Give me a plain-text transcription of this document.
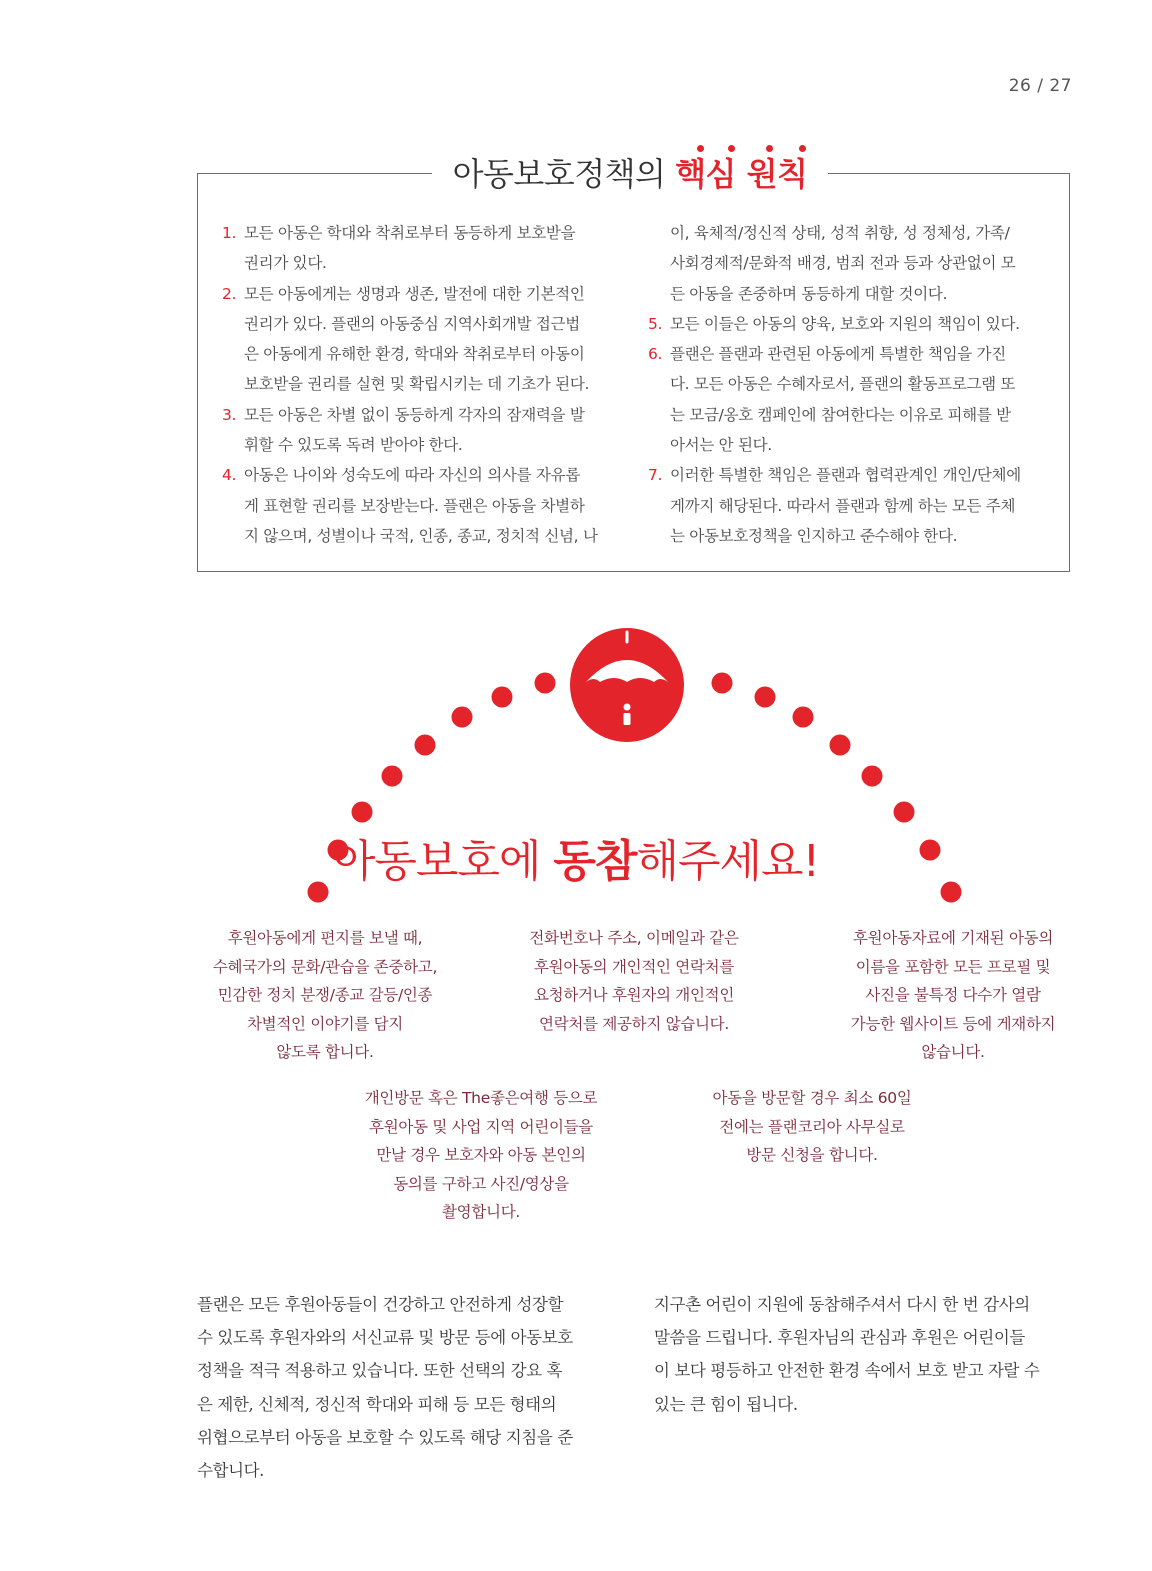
26 / 27
아동보호정책의 핵심 원칙
1. 모든 아동은 학대와 착취로부터 동등하게 보호받을
권리가 있다.
2. 모든 아동에게는 생명과 생존, 발전에 대한 기본적인
권리가 있다. 플랜의 아동중심 지역사회개발 접근법
은 아동에게 유해한 환경, 학대와 착취로부터 아동이
보호받을 권리를 실현 및 확립시키는 데 기초가 된다.
3. 모든 아동은 차별 없이 동등하게 각자의 잠재력을 발
휘할 수 있도록 독려 받아야 한다.
4. 아동은 나이와 성숙도에 따라 자신의 의사를 자유롭
게 표현할 권리를 보장받는다. 플랜은 아동을 차별하
지 않으며, 성별이나 국적, 인종, 종교, 정치적 신념, 나
이, 육체적/정신적 상태, 성적 취향, 성 정체성, 가족/
사회경제적/문화적 배경, 범죄 전과 등과 상관없이 모
든 아동을 존중하며 동등하게 대할 것이다.
5. 모든 이들은 아동의 양육, 보호와 지원의 책임이 있다.
6. 플랜은 플랜과 관련된 아동에게 특별한 책임을 가진
다. 모든 아동은 수혜자로서, 플랜의 활동프로그램 또
는 모금/옹호 캠페인에 참여한다는 이유로 피해를 받
아서는 안 된다.
7. 이러한 특별한 책임은 플랜과 협력관계인 개인/단체에
게까지 해당된다. 따라서 플랜과 함께 하는 모든 주체
는 아동보호정책을 인지하고 준수해야 한다.
아동보호에 동참해주세요!
후원아동에게 편지를 보낼 때,
수혜국가의 문화/관습을 존중하고,
민감한 정치 분쟁/종교 갈등/인종
차별적인 이야기를 담지
않도록 합니다.
전화번호나 주소, 이메일과 같은
후원아동의 개인적인 연락처를
요청하거나 후원자의 개인적인
연락처를 제공하지 않습니다.
후원아동자료에 기재된 아동의
이름을 포함한 모든 프로필 및
사진을 불특정 다수가 열람
가능한 웹사이트 등에 게재하지
않습니다.
개인방문 혹은 The좋은여행 등으로
후원아동 및 사업 지역 어린이들을
만날 경우 보호자와 아동 본인의
동의를 구하고 사진/영상을
촬영합니다.
아동을 방문할 경우 최소 60일
전에는 플랜코리아 사무실로
방문 신청을 합니다.
플랜은 모든 후원아동들이 건강하고 안전하게 성장할
수 있도록 후원자와의 서신교류 및 방문 등에 아동보호
정책을 적극 적용하고 있습니다. 또한 선택의 강요 혹
은 제한, 신체적, 정신적 학대와 피해 등 모든 형태의
위협으로부터 아동을 보호할 수 있도록 해당 지침을 준
수합니다.
지구촌 어린이 지원에 동참해주셔서 다시 한 번 감사의
말씀을 드립니다. 후원자님의 관심과 후원은 어린이들
이 보다 평등하고 안전한 환경 속에서 보호 받고 자랄 수
있는 큰 힘이 됩니다.
